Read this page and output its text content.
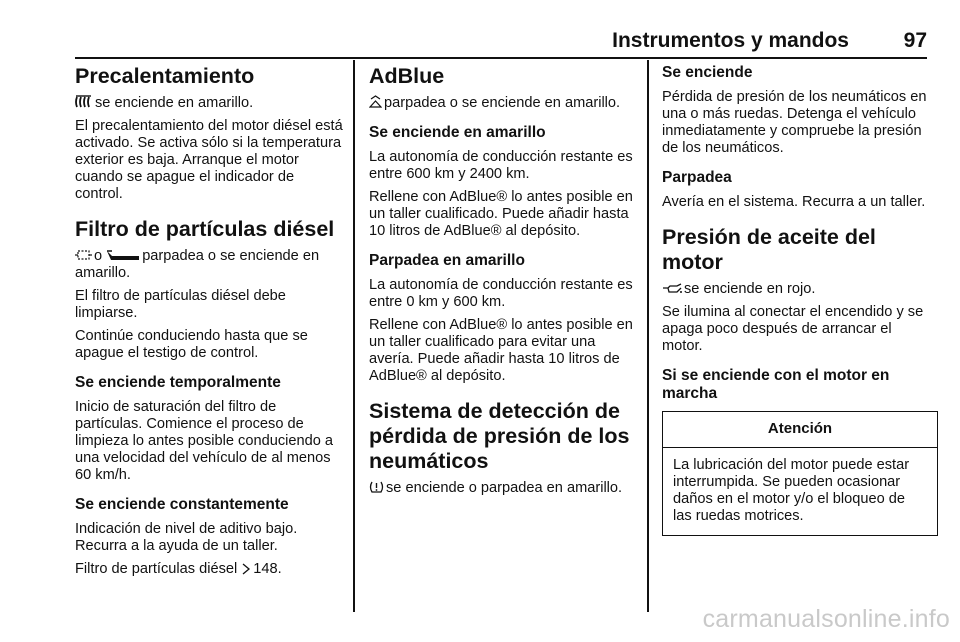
Instrumentos y mandos	97
Precalentamiento

se enciende en amarillo.

El precalentamiento del motor diésel está activado. Se activa sólo si la temperatura exterior es baja. Arranque el motor cuando se apague el indicador de control.

Filtro de partículas diésel

o	parpadea o se enciende en amarillo.

El filtro de partículas diésel debe limpiarse.

Continúe conduciendo hasta que se apague el testigo de control.

Se enciende temporalmente

Inicio de saturación del filtro de partículas. Comience el proceso de limpieza lo antes posible conduciendo a una velocidad del vehículo de al menos 60 km/h.

Se enciende constantemente

Indicación de nivel de aditivo bajo. Recurra a la ayuda de un taller.

Filtro de partículas diésel 148.

AdBlue

parpadea o se enciende en amarillo.

Se enciende en amarillo

La autonomía de conducción restante es entre 600 km y 2400 km.

Rellene con AdBlue® lo antes posible en un taller cualificado. Puede añadir hasta 10 litros de AdBlue® al depósito.

Parpadea en amarillo

La autonomía de conducción restante es entre 0 km y 600 km.

Rellene con AdBlue® lo antes posible en un taller cualificado para evitar una avería. Puede añadir hasta 10 litros de AdBlue® al depósito.

Sistema de detección de pérdida de presión de los neumáticos

se enciende o parpadea en amarillo.

Se enciende

Pérdida de presión de los neumáticos en una o más ruedas. Detenga el vehículo inmediatamente y compruebe la presión de los neumáticos.

Parpadea

Avería en el sistema. Recurra a un taller.

Presión de aceite del motor

se enciende en rojo.

Se ilumina al conectar el encendido y se apaga poco después de arrancar el motor.

Si se enciende con el motor en marcha
Atención
La lubricación del motor puede estar interrumpida. Se pueden ocasionar daños en el motor y/o el bloqueo de las ruedas motrices.
carmanualsonline.info
